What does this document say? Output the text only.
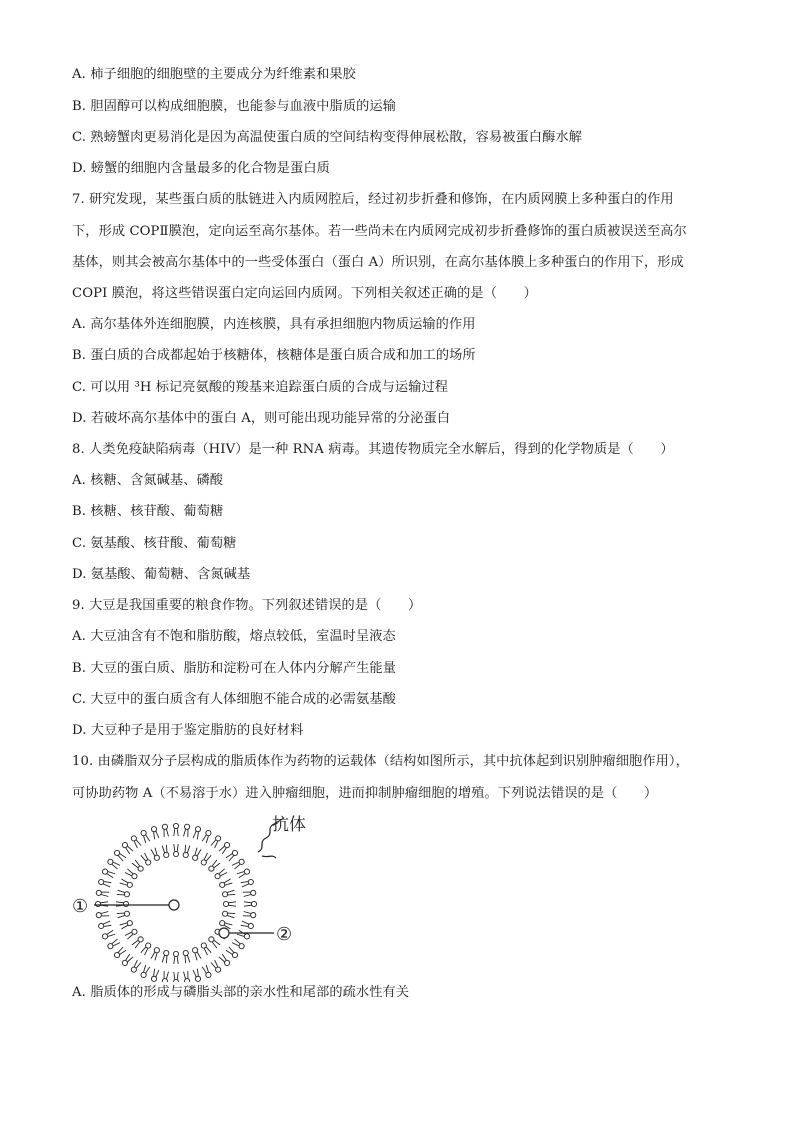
A. 柿子细胞的细胞壁的主要成分为纤维素和果胶
B. 胆固醇可以构成细胞膜，也能参与血液中脂质的运输
C. 熟螃蟹肉更易消化是因为高温使蛋白质的空间结构变得伸展松散，容易被蛋白酶水解
D. 螃蟹的细胞内含量最多的化合物是蛋白质
7. 研究发现，某些蛋白质的肽链进入内质网腔后，经过初步折叠和修饰，在内质网膜上多种蛋白的作用
下，形成 COPⅡ膜泡，定向运至高尔基体。若一些尚未在内质网完成初步折叠修饰的蛋白质被误送至高尔
基体，则其会被高尔基体中的一些受体蛋白（蛋白 A）所识别，在高尔基体膜上多种蛋白的作用下，形成
COPI 膜泡，将这些错误蛋白定向运回内质网。下列相关叙述正确的是（　　）
A. 高尔基体外连细胞膜，内连核膜，具有承担细胞内物质运输的作用
B. 蛋白质的合成都起始于核糖体，核糖体是蛋白质合成和加工的场所
C. 可以用 ³H 标记亮氨酸的羧基来追踪蛋白质的合成与运输过程
D. 若破坏高尔基体中的蛋白 A，则可能出现功能异常的分泌蛋白
8. 人类免疫缺陷病毒（HIV）是一种 RNA 病毒。其遗传物质完全水解后，得到的化学物质是（　　）
A. 核糖、含氮碱基、磷酸
B. 核糖、核苷酸、葡萄糖
C. 氨基酸、核苷酸、葡萄糖
D. 氨基酸、葡萄糖、含氮碱基
9. 大豆是我国重要的粮食作物。下列叙述错误的是（　　）
A. 大豆油含有不饱和脂肪酸，熔点较低，室温时呈液态
B. 大豆的蛋白质、脂肪和淀粉可在人体内分解产生能量
C. 大豆中的蛋白质含有人体细胞不能合成的必需氨基酸
D. 大豆种子是用于鉴定脂肪的良好材料
10. 由磷脂双分子层构成的脂质体作为药物的运载体（结构如图所示，其中抗体起到识别肿瘤细胞作用），
可协助药物 A（不易溶于水）进入肿瘤细胞，进而抑制肿瘤细胞的增殖。下列说法错误的是（　　）
抗体
①
②
A. 脂质体的形成与磷脂头部的亲水性和尾部的疏水性有关
